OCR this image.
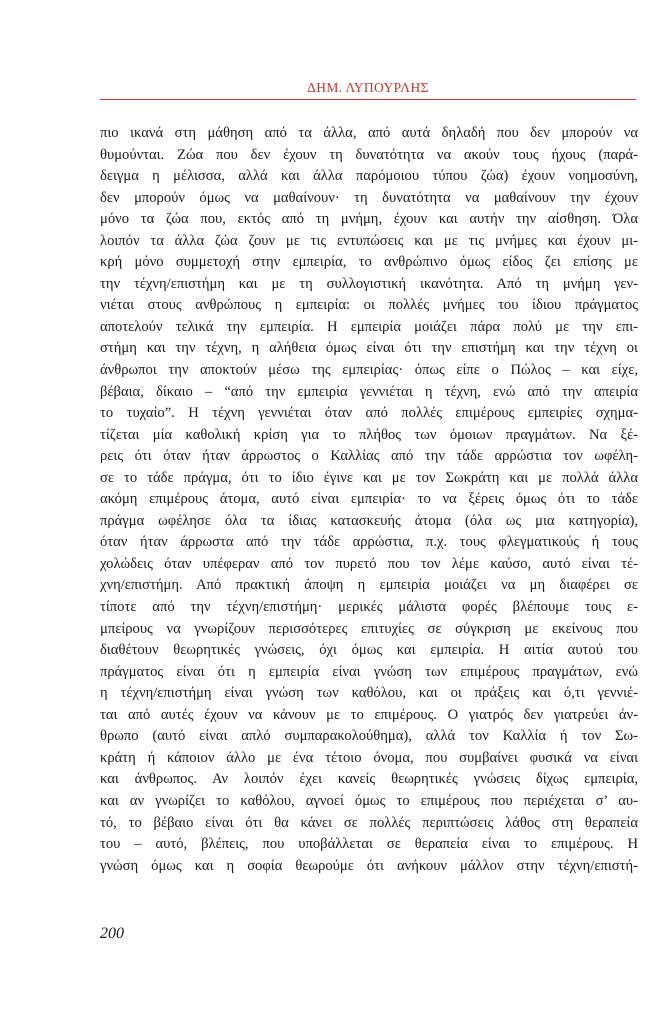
ΔΗΜ. ΛΥΠΟΥΡΛΗΣ
πιο ικανά στη μάθηση από τα άλλα, από αυτά δηλαδή που δεν μπορούν να
θυμούνται. Ζώα που δεν έχουν τη δυνατότητα να ακούν τους ήχους (παρά-
δειγμα η μέλισσα, αλλά και άλλα παρόμοιου τύπου ζώα) έχουν νοημοσύνη,
δεν μπορούν όμως να μαθαίνουν· τη δυνατότητα να μαθαίνουν την έχουν
μόνο τα ζώα που, εκτός από τη μνήμη, έχουν και αυτήν την αίσθηση. Όλα
λοιπόν τα άλλα ζώα ζουν με τις εντυπώσεις και με τις μνήμες και έχουν μι-
κρή μόνο συμμετοχή στην εμπειρία, το ανθρώπινο όμως είδος ζει επίσης με
την τέχνη/επιστήμη και με τη συλλογιστική ικανότητα. Από τη μνήμη γεν-
νιέται στους ανθρώπους η εμπειρία: οι πολλές μνήμες του ίδιου πράγματος
αποτελούν τελικά την εμπειρία. Η εμπειρία μοιάζει πάρα πολύ με την επι-
στήμη και την τέχνη, η αλήθεια όμως είναι ότι την επιστήμη και την τέχνη οι
άνθρωποι την αποκτούν μέσω της εμπειρίας· όπως είπε ο Πώλος – και είχε,
βέβαια, δίκαιο – “από την εμπειρία γεννιέται η τέχνη, ενώ από την απειρία
το τυχαίο”. Η τέχνη γεννιέται όταν από πολλές επιμέρους εμπειρίες σχημα-
τίζεται μία καθολική κρίση για το πλήθος των όμοιων πραγμάτων. Να ξέ-
ρεις ότι όταν ήταν άρρωστος ο Καλλίας από την τάδε αρρώστια τον ωφέλη-
σε το τάδε πράγμα, ότι το ίδιο έγινε και με τον Σωκράτη και με πολλά άλλα
ακόμη επιμέρους άτομα, αυτό είναι εμπειρία· το να ξέρεις όμως ότι το τάδε
πράγμα ωφέλησε όλα τα ίδιας κατασκευής άτομα (όλα ως μια κατηγορία),
όταν ήταν άρρωστα από την τάδε αρρώστια, π.χ. τους φλεγματικούς ή τους
χολώδεις όταν υπέφεραν από τον πυρετό που τον λέμε καύσο, αυτό είναι τέ-
χνη/επιστήμη. Από πρακτική άποψη η εμπειρία μοιάζει να μη διαφέρει σε
τίποτε από την τέχνη/επιστήμη· μερικές μάλιστα φορές βλέπουμε τους ε-
μπείρους να γνωρίζουν περισσότερες επιτυχίες σε σύγκριση με εκείνους που
διαθέτουν θεωρητικές γνώσεις, όχι όμως και εμπειρία. Η αιτία αυτού του
πράγματος είναι ότι η εμπειρία είναι γνώση των επιμέρους πραγμάτων, ενώ
η τέχνη/επιστήμη είναι γνώση των καθόλου, και οι πράξεις και ό,τι γεννιέ-
ται από αυτές έχουν να κάνουν με το επιμέρους. Ο γιατρός δεν γιατρεύει άν-
θρωπο (αυτό είναι απλό συμπαρακολούθημα), αλλά τον Καλλία ή τον Σω-
κράτη ή κάποιον άλλο με ένα τέτοιο όνομα, που συμβαίνει φυσικά να είναι
και άνθρωπος. Αν λοιπόν έχει κανείς θεωρητικές γνώσεις δίχως εμπειρία,
και αν γνωρίζει το καθόλου, αγνοεί όμως το επιμέρους που περιέχεται σ’ αυ-
τό, το βέβαιο είναι ότι θα κάνει σε πολλές περιπτώσεις λάθος στη θεραπεία
του – αυτό, βλέπεις, που υποβάλλεται σε θεραπεία είναι το επιμέρους. Η
γνώση όμως και η σοφία θεωρούμε ότι ανήκουν μάλλον στην τέχνη/επιστή-
200
